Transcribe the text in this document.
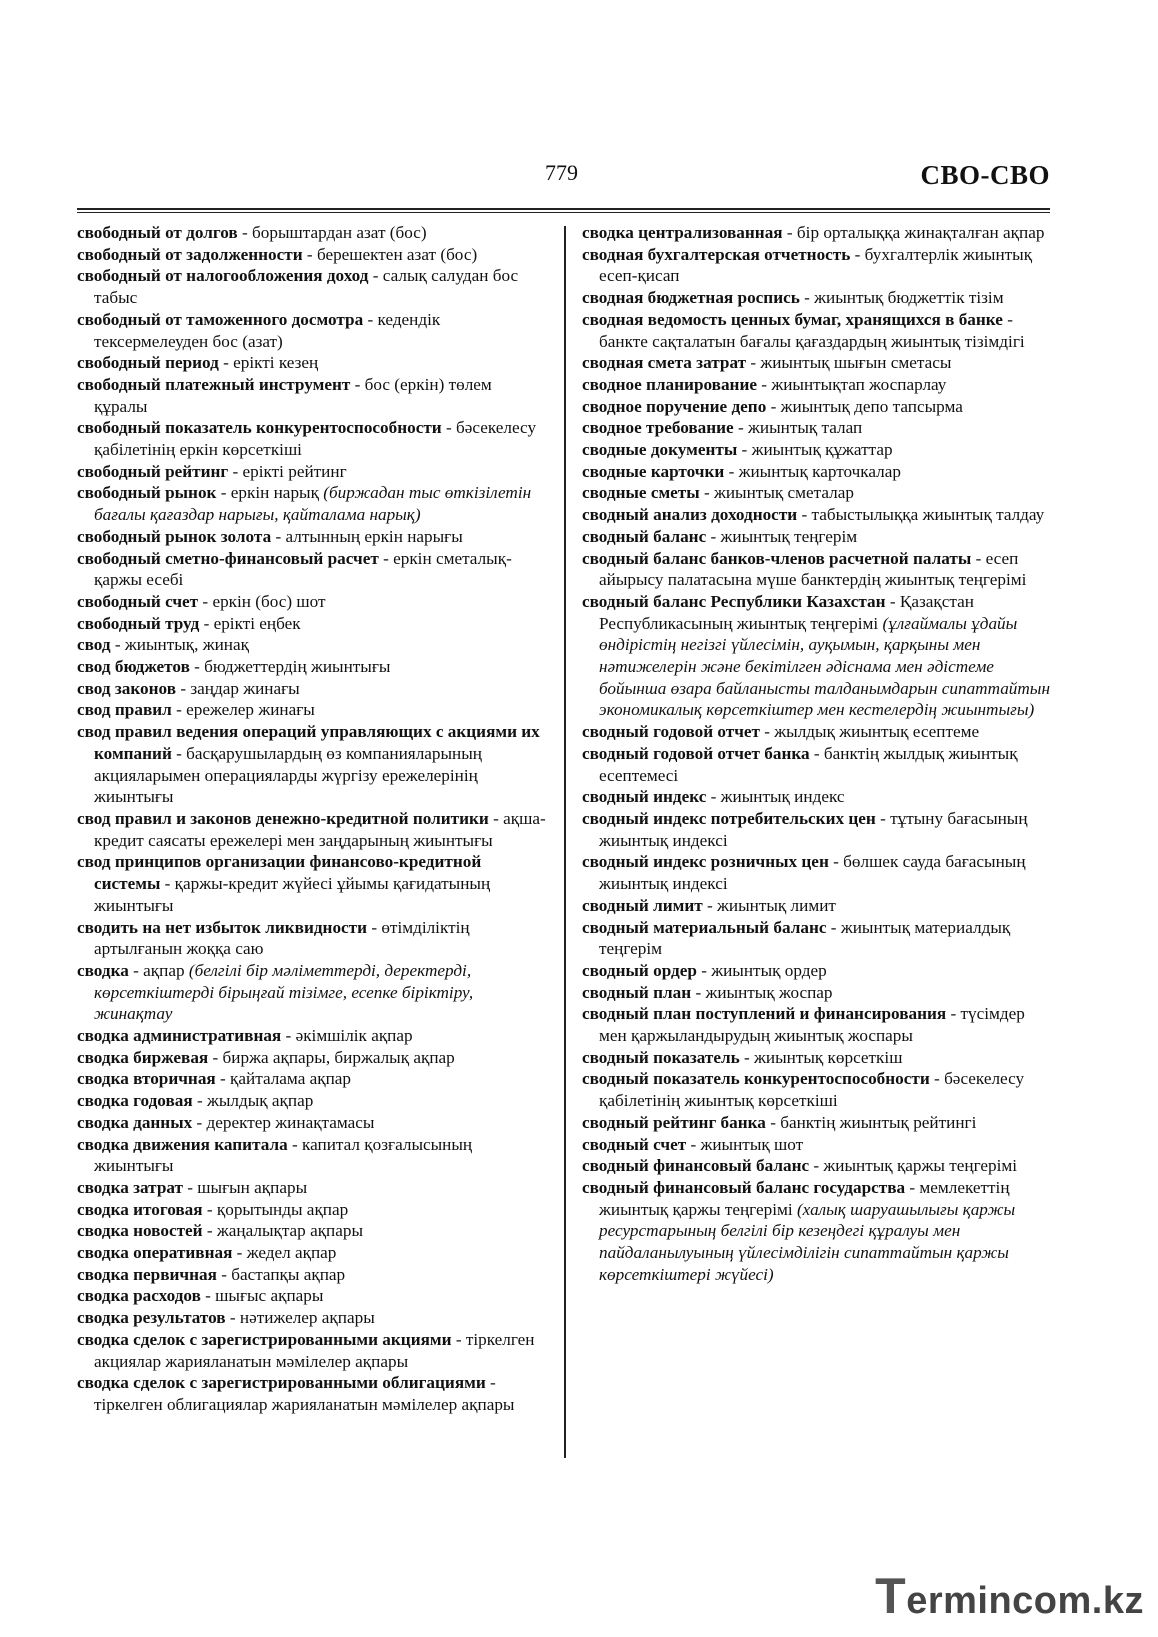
779	СВО-СВО

свободный от долгов - борыштардан азат (бос)

свободный от задолженности - берешектен азат (бос)

свободный от налогообложения доход - салық салудан бос табыс

свободный от таможенного досмотра - кедендік тексермелеуден бос (азат)

свободный период - ерікті кезең

свободный платежный инструмент - бос (еркін) төлем құралы

свободный показатель конкурентоспособности - бәсекелесу қабілетінің еркін көрсеткіші

свободный рейтинг - ерікті рейтинг

свободный рынок - еркін нарық (биржадан тыс өткізілетін бағалы қағаздар нарығы, қайталама нарық)

свободный рынок золота - алтынның еркін нарығы

свободный сметно-финансовый расчет - еркін сметалық-қаржы есебі

свободный счет - еркін (бос) шот

свободный труд - ерікті еңбек

свод - жиынтық, жинақ

свод бюджетов - бюджеттердің жиынтығы

свод законов - заңдар жинағы

свод правил - ережелер жинағы

свод правил ведения операций управляющих с акциями их компаний - басқарушылардың өз компанияларының акцияларымен операцияларды жүргізу ережелерінің жиынтығы

свод правил и законов денежно-кредитной политики - ақша-кредит саясаты ережелері мен заңдарының жиынтығы

свод принципов организации финансово-кредитной системы - қаржы-кредит жүйесі ұйымы қағидатының жиынтығы

сводить на нет избыток ликвидности - өтімділіктің артылғанын жоққа саю

сводка - ақпар (белгілі бір мәліметтерді, деректерді, көрсеткіштерді бірыңғай тізімге, есепке біріктіру, жинақтау

сводка административная - әкімшілік ақпар

сводка биржевая - биржа ақпары, биржалық ақпар

сводка вторичная - қайталама ақпар

сводка годовая - жылдық ақпар

сводка данных - деректер жинақтамасы

сводка движения капитала - капитал қозғалысының жиынтығы

сводка затрат - шығын ақпары

сводка итоговая - қорытынды ақпар

сводка новостей - жаңалықтар ақпары

сводка оперативная - жедел ақпар

сводка первичная - бастапқы ақпар

сводка расходов - шығыс ақпары

сводка результатов - нәтижелер ақпары

сводка сделок с зарегистрированными акциями - тіркелген акциялар жарияланатын мәмілелер ақпары

сводка сделок с зарегистрированными облигациями - тіркелген облигациялар жарияланатын мәмілелер ақпары

сводка централизованная - бір орталыққа жинақталған ақпар

сводная бухгалтерская отчетность - бухгалтерлік жиынтық есеп-қисап

сводная бюджетная роспись - жиынтық бюджеттік тізім

сводная ведомость ценных бумаг, хранящихся в банке - банкте сақталатын бағалы қағаздардың жиынтық тізімдігі

сводная смета затрат - жиынтық шығын сметасы

сводное планирование - жиынтықтап жоспарлау

сводное поручение депо - жиынтық депо тапсырма

сводное требование - жиынтық талап

сводные документы - жиынтық құжаттар

сводные карточки - жиынтық карточкалар

сводные сметы - жиынтық сметалар

сводный анализ доходности - табыстылыққа жиынтық талдау

сводный баланс - жиынтық теңгерім

сводный баланс банков-членов расчетной палаты - есеп айырысу палатасына мүше банктердің жиынтық теңгерімі

сводный баланс Республики Казахстан - Қазақстан Республикасының жиынтық теңгерімі (ұлғаймалы ұдайы өндірістің негізгі үйлесімін, ауқымын, қарқыны мен нәтижелерін және бекітілген әдіснама мен әдістеме бойынша өзара байланысты талданымдарын сипаттайтын экономикалық көрсеткіштер мен кестелердің жиынтығы)

сводный годовой отчет - жылдық жиынтық есептеме

сводный годовой отчет банка - банктің жылдық жиынтық есептемесі

сводный индекс - жиынтық индекс

сводный индекс потребительских цен - тұтыну бағасының жиынтық индексі

сводный индекс розничных цен - бөлшек сауда бағасының жиынтық индексі

сводный лимит - жиынтық лимит

сводный материальный баланс - жиынтық материалдық теңгерім

сводный ордер - жиынтық ордер

сводный план - жиынтық жоспар

сводный план поступлений и финансирования - түсімдер мен қаржыландырудың жиынтық жоспары

сводный показатель - жиынтық көрсеткіш

сводный показатель конкурентоспособности - бәсекелесу қабілетінің жиынтық көрсеткіші

сводный рейтинг банка - банктің жиынтық рейтингі

сводный счет - жиынтық шот

сводный финансовый баланс - жиынтық қаржы теңгерімі

сводный финансовый баланс государства - мемлекеттің жиынтық қаржы теңгерімі (халық шаруашылығы қаржы ресурстарының белгілі бір кезеңдегі құралуы мен пайдаланылуының үйлесімділігін сипаттайтын қаржы көрсеткіштері жүйесі)

Termincom.kz
